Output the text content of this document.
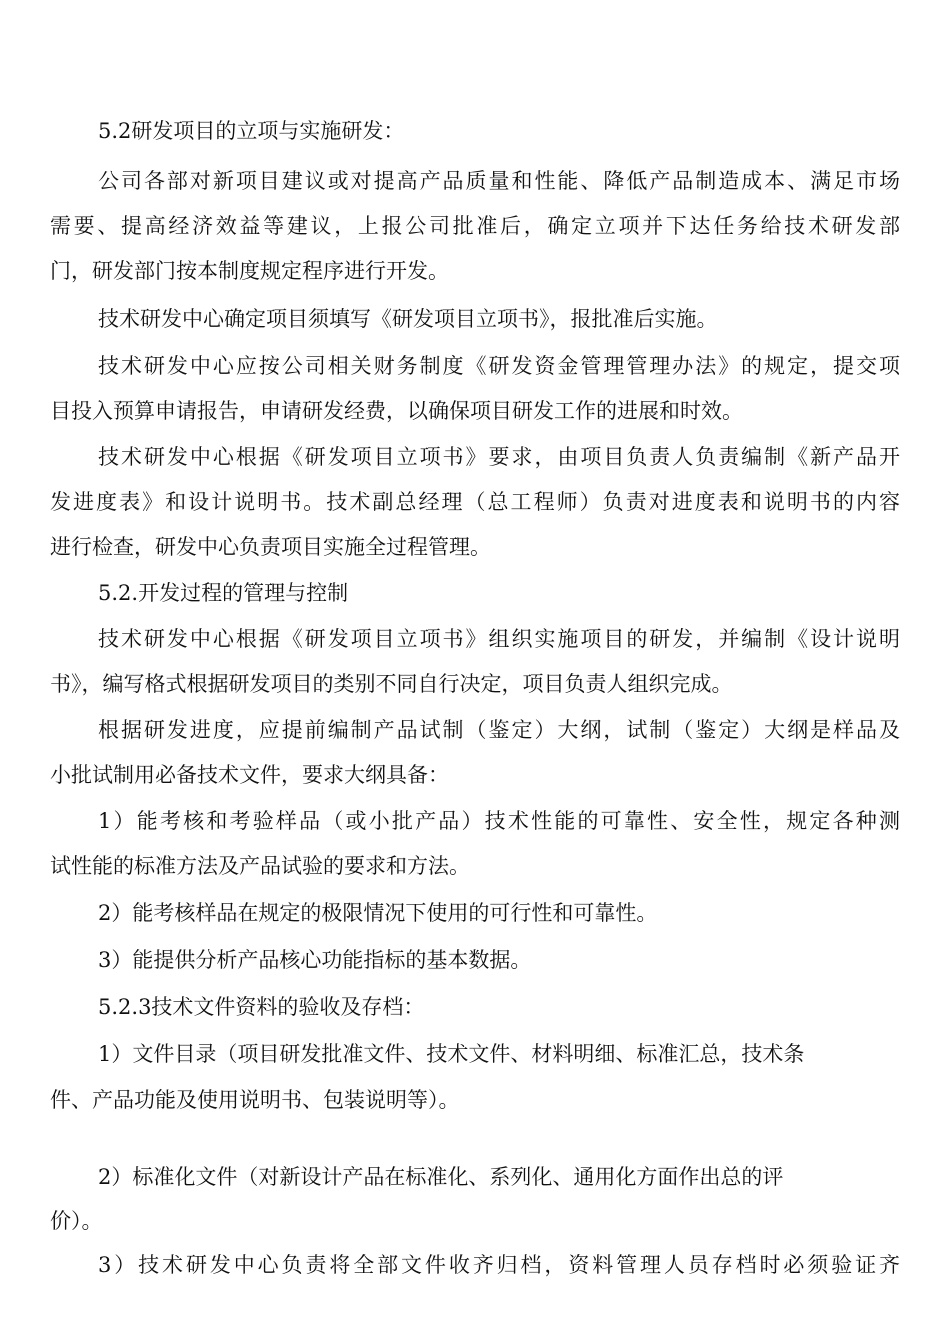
5.2研发项目的立项与实施研发：
公司各部对新项目建议或对提高产品质量和性能、降低产品制造成本、满足市场
需要、提高经济效益等建议，上报公司批准后，确定立项并下达任务给技术研发部
门，研发部门按本制度规定程序进行开发。
技术研发中心确定项目须填写《研发项目立项书》，报批准后实施。
技术研发中心应按公司相关财务制度《研发资金管理管理办法》的规定，提交项
目投入预算申请报告，申请研发经费，以确保项目研发工作的进展和时效。
技术研发中心根据《研发项目立项书》要求，由项目负责人负责编制《新产品开
发进度表》和设计说明书。技术副总经理（总工程师）负责对进度表和说明书的内容
进行检查，研发中心负责项目实施全过程管理。
5.2.开发过程的管理与控制
技术研发中心根据《研发项目立项书》组织实施项目的研发，并编制《设计说明
书》，编写格式根据研发项目的类别不同自行决定，项目负责人组织完成。
根据研发进度，应提前编制产品试制（鉴定）大纲，试制（鉴定）大纲是样品及
小批试制用必备技术文件，要求大纲具备：
1）能考核和考验样品（或小批产品）技术性能的可靠性、安全性，规定各种测
试性能的标准方法及产品试验的要求和方法。
2）能考核样品在规定的极限情况下使用的可行性和可靠性。
3）能提供分析产品核心功能指标的基本数据。
5.2.3技术文件资料的验收及存档：
1）文件目录（项目研发批准文件、技术文件、材料明细、标准汇总，技术条
件、产品功能及使用说明书、包装说明等）。
2）标准化文件（对新设计产品在标准化、系列化、通用化方面作出总的评
价）。
3）技术研发中心负责将全部文件收齐归档，资料管理人员存档时必须验证齐
